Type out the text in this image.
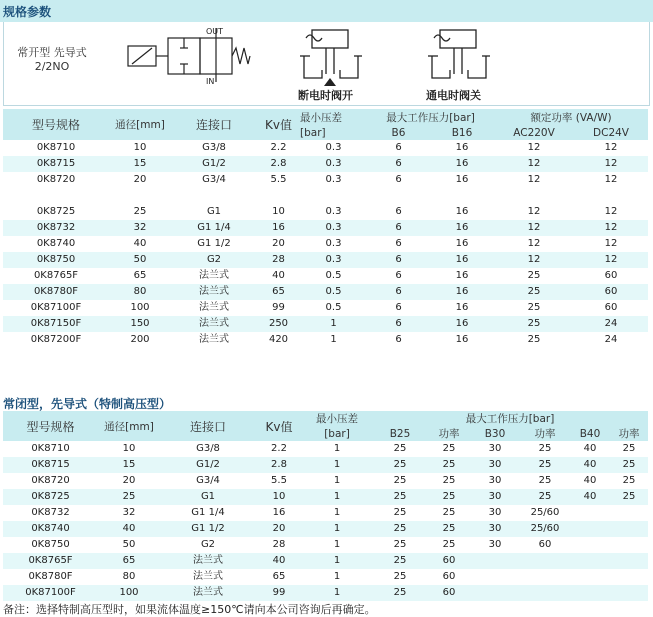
规格参数
常开型 先导式
2/2NO
OUT
IN
断电时阀开	通电时阀关
型号规格	通径[mm]	连接口	Kv值	最小压差	最大工作压力[bar]		额定功率 (VA/W)	
				[bar]	B6	B16	AC220V	DC24V
0K8710	10	G3/8	2.2	0.3	6	16	12	12
0K8715	15	G1/2	2.8	0.3	6	16	12	12
0K8720	20	G3/4	5.5	0.3	6	16	12	12

0K8725	25	G1	10	0.3	6	16	12	12
0K8732	32	G1 1/4	16	0.3	6	16	12	12
0K8740	40	G1 1/2	20	0.3	6	16	12	12
0K8750	50	G2	28	0.3	6	16	12	12
0K8765F	65	法兰式	40	0.5	6	16	25	60
0K8780F	80	法兰式	65	0.5	6	16	25	60
0K87100F	100	法兰式	99	0.5	6	16	25	60
0K87150F	150	法兰式	250	1	6	16	25	24
0K87200F	200	法兰式	420	1	6	16	25	24
常闭型，先导式（特制高压型）
型号规格	通径[mm]	连接口	Kv值	最小压差	最大工作压力[bar]					
				[bar]	B25	功率	B30	功率	B40	功率
0K8710	10	G3/8	2.2	1	25	25	30	25	40	25
0K8715	15	G1/2	2.8	1	25	25	30	25	40	25
0K8720	20	G3/4	5.5	1	25	25	30	25	40	25
0K8725	25	G1	10	1	25	25	30	25	40	25
0K8732	32	G1 1/4	16	1	25	25	30	25/60		
0K8740	40	G1 1/2	20	1	25	25	30	25/60		
0K8750	50	G2	28	1	25	25	30	60		
0K8765F	65	法兰式	40	1	25	60				
0K8780F	80	法兰式	65	1	25	60				
0K87100F	100	法兰式	99	1	25	60				
备注：选择特制高压型时，如果流体温度≥150℃请向本公司咨询后再确定。
